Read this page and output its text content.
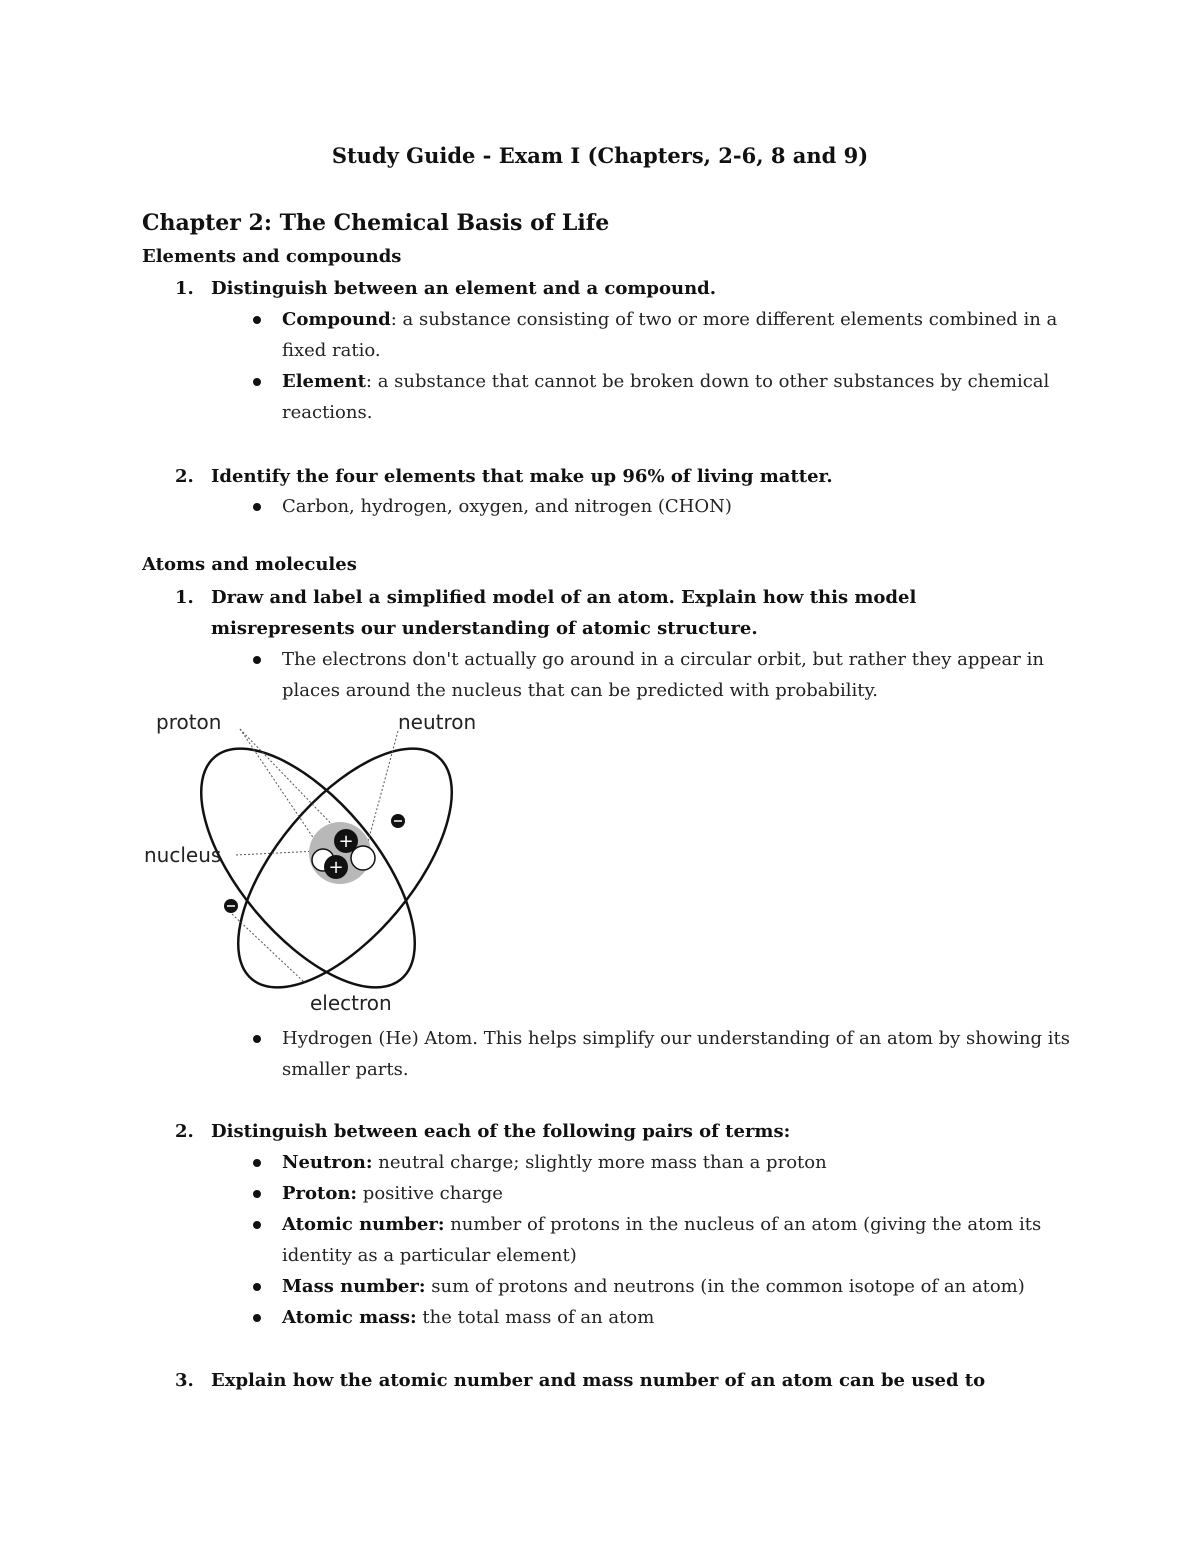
Study Guide - Exam I (Chapters, 2-6, 8 and 9)
Chapter 2: The Chemical Basis of Life
Elements and compounds
1. Distinguish between an element and a compound.
Compound: a substance consisting of two or more different elements combined in a fixed ratio.
Element: a substance that cannot be broken down to other substances by chemical reactions.
2. Identify the four elements that make up 96% of living matter.
Carbon, hydrogen, oxygen, and nitrogen (CHON)
Atoms and molecules
1. Draw and label a simplified model of an atom. Explain how this model misrepresents our understanding of atomic structure.
The electrons don't actually go around in a circular orbit, but rather they appear in places around the nucleus that can be predicted with probability.
+
+
proton	neutron
nucleus
electron
Hydrogen (He) Atom. This helps simplify our understanding of an atom by showing its smaller parts.
2. Distinguish between each of the following pairs of terms:
Neutron: neutral charge; slightly more mass than a proton
Proton: positive charge
Atomic number: number of protons in the nucleus of an atom (giving the atom its identity as a particular element)
Mass number: sum of protons and neutrons (in the common isotope of an atom)
Atomic mass: the total mass of an atom
3. Explain how the atomic number and mass number of an atom can be used to
